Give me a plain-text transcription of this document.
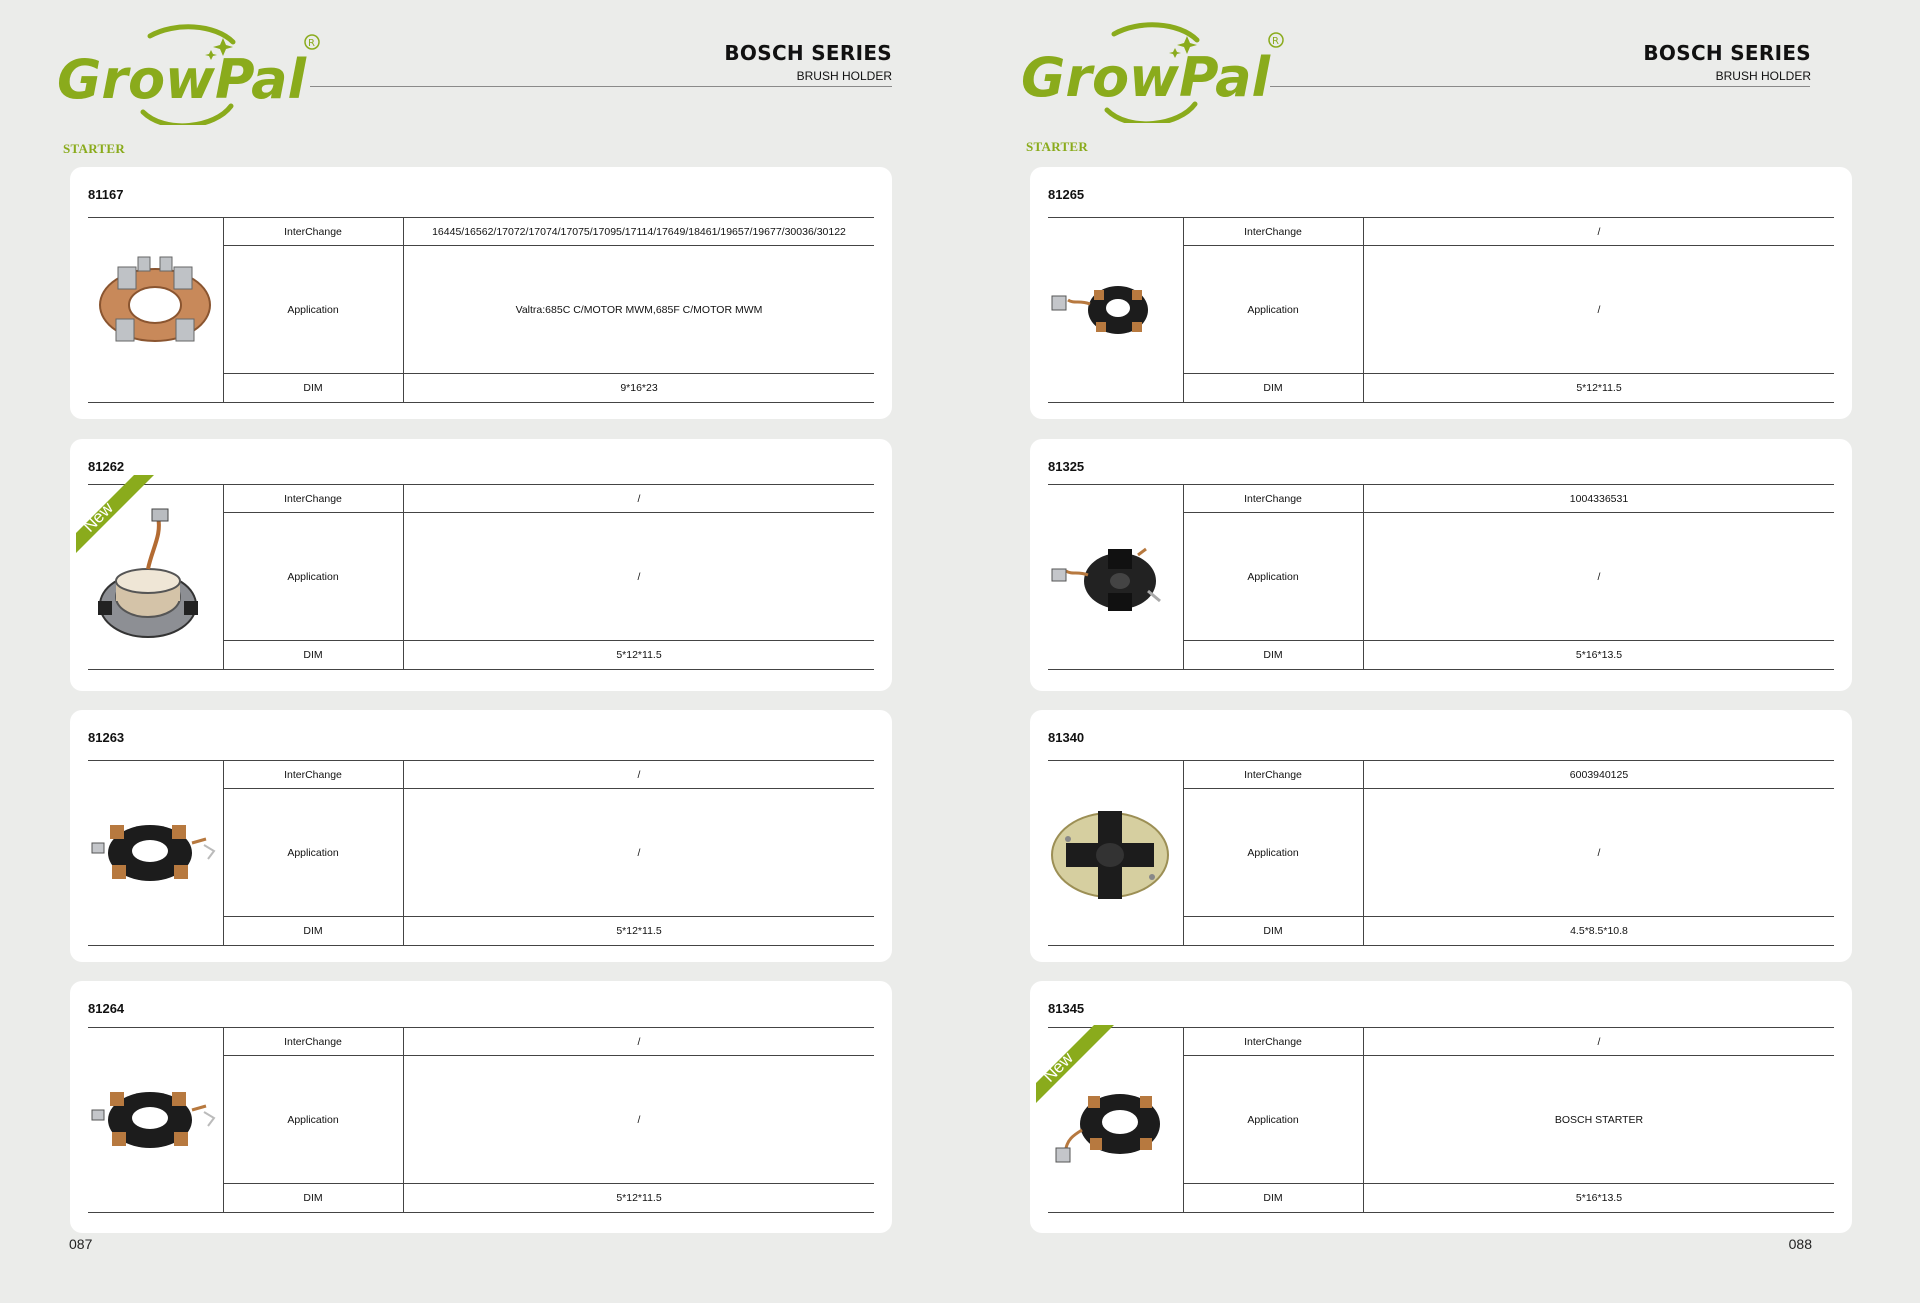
GrowPal
R	BOSCH SERIES
BRUSH HOLDER
STARTER
81167
InterChange	16445/16562/17072/17074/17075/17095/17114/17649/18461/19657/19677/30036/30122
Application	Valtra:685C C/MOTOR MWM,685F C/MOTOR MWM
DIM	9*16*23
81262
InterChange	/
Application	/
DIM	5*12*11.5
New
81263
InterChange	/
Application	/
DIM	5*12*11.5
81264
InterChange	/
Application	/
DIM	5*12*11.5
087
GrowPal
R	BOSCH SERIES
BRUSH HOLDER
STARTER
81265
InterChange	/
Application	/
DIM	5*12*11.5
81325
InterChange	1004336531
Application	/
DIM	5*16*13.5
81340
InterChange	6003940125
Application	/
DIM	4.5*8.5*10.8
81345
InterChange	/
Application	BOSCH STARTER
DIM	5*16*13.5
New
088
